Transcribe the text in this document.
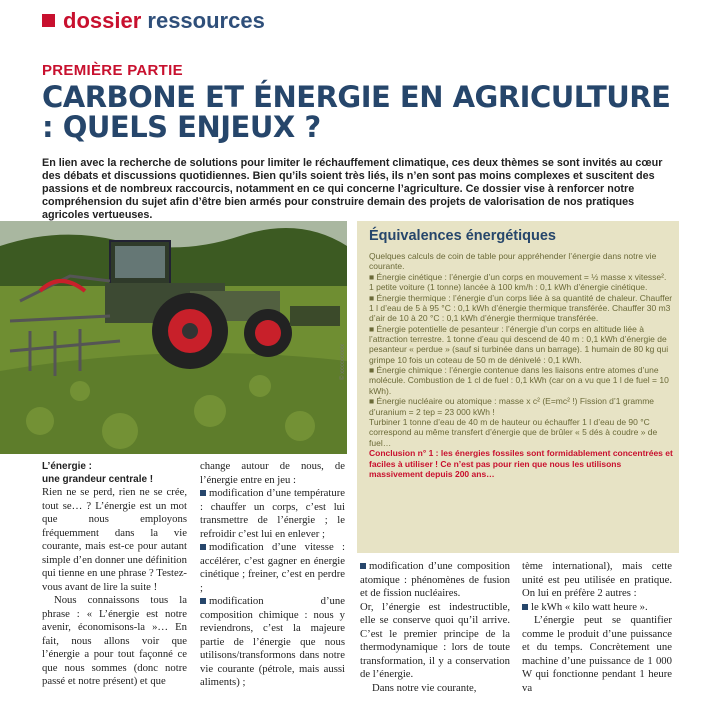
dossier ressources
PREMIÈRE PARTIE
CARBONE ET ÉNERGIE EN AGRICULTURE : QUELS ENJEUX ?
En lien avec la recherche de solutions pour limiter le réchauffement climatique, ces deux thèmes se sont invités au cœur des débats et discussions quotidiennes. Bien qu’ils soient très liés, ils n’en sont pas moins complexes et suscitent des passions et de nombreux raccourcis, notamment en ce qui concerne l’agriculture. Ce dossier vise à renforcer notre compréhension du sujet afin d’être bien armés pour construire demain des projets de valorisation de nos pratiques agricoles vertueuses.
© xxxxxxxxxx
Équivalences énergétiques

Quelques calculs de coin de table pour appréhender l’énergie dans notre vie courante.

■ Énergie cinétique : l’énergie d’un corps en mouvement = ½ masse x vitesse². 1 petite voiture (1 tonne) lancée à 100 km/h : 0,1 kWh d’énergie cinétique.

■ Énergie thermique : l’énergie d’un corps liée à sa quantité de chaleur. Chauffer 1 l d’eau de 5 à 95 °C : 0,1 kWh d’énergie thermique transférée. Chauffer 30 m3 d’air de 10 à 20 °C : 0,1 kWh d’énergie thermique transférée.

■ Énergie potentielle de pesanteur : l’énergie d’un corps en altitude liée à l’attraction terrestre. 1 tonne d’eau qui descend de 40 m : 0,1 kWh d’énergie de pesanteur « perdue » (sauf si turbinée dans un barrage). 1 humain de 80 kg qui grimpe 10 fois un coteau de 50 m de dénivelé : 0,1 kWh.

■ Énergie chimique : l’énergie contenue dans les liaisons entre atomes d’une molécule. Combustion de 1 cl de fuel : 0,1 kWh (car on a vu que 1 l de fuel = 10 kWh).

■ Énergie nucléaire ou atomique : masse x c² (E=mc² !) Fission d’1 gramme d’uranium = 2 tep = 23 000 kWh !

Turbiner 1 tonne d’eau de 40 m de hauteur ou échauffer 1 l d’eau de 90 °C correspond au même transfert d’énergie que de brûler « 5 dés à coudre » de fuel…

Conclusion n° 1 : les énergies fossiles sont formidablement concentrées et faciles à utiliser ! Ce n’est pas pour rien que nous les utilisons massivement depuis 200 ans…

L’énergie :

une grandeur centrale !

Rien ne se perd, rien ne se crée, tout se… ? L’énergie est un mot que nous employons fréquemment dans la vie courante, mais est-ce pour autant simple d’en donner une définition qui tienne en une phrase ? Testez-vous avant de lire la suite !

Nous connaissons tous la phrase : « L’énergie est notre avenir, économisons-la »… En fait, nous allons voir que l’énergie a pour tout façonné ce que nous sommes (donc notre passé et notre présent) et que

change autour de nous, de l’énergie entre en jeu :

modification d’une température : chauffer un corps, c’est lui transmettre de l’énergie ; le refroidir c’est lui en enlever ;

modification d’une vitesse : accélérer, c’est gagner en énergie cinétique ; freiner, c’est en perdre ;

modification d’une composition chimique : nous y reviendrons, c’est la majeure partie de l’énergie que nous utilisons/transformons dans notre vie courante (pétrole, mais aussi aliments) ;

modification d’une composition atomique : phénomènes de fusion et de fission nucléaires.

Or, l’énergie est indestructible, elle se conserve quoi qu’il arrive. C’est le premier principe de la thermodynamique : lors de toute transformation, il y a conservation de l’énergie.

Dans notre vie courante,

tème international), mais cette unité est peu utilisée en pratique. On lui en préfère 2 autres :

le kWh « kilo watt heure ».

L’énergie peut se quantifier comme le produit d’une puissance et du temps. Concrètement une machine d’une puissance de 1 000 W qui fonctionne pendant 1 heure va
